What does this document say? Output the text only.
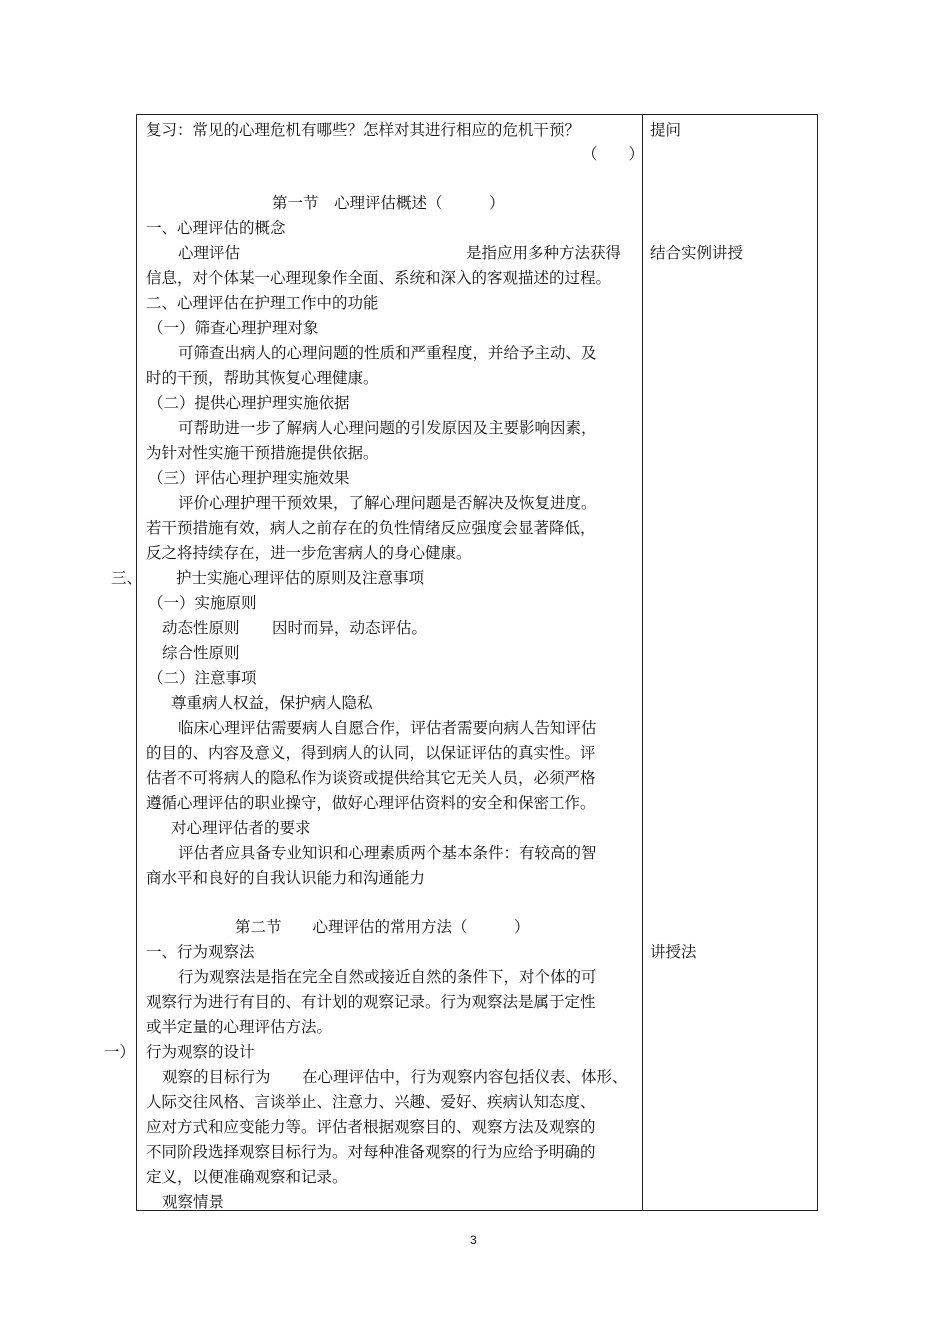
复习：常见的心理危机有哪些？怎样对其进行相应的危机干预？
（　　）
第一节　心理评估概述（　　　）
一、心理评估的概念
心理评估	是指应用多种方法获得
信息，对个体某一心理现象作全面、系统和深入的客观描述的过程。
二、心理评估在护理工作中的功能
（一）筛查心理护理对象
可筛查出病人的心理问题的性质和严重程度，并给予主动、及
时的干预，帮助其恢复心理健康。
（二）提供心理护理实施依据
可帮助进一步了解病人心理问题的引发原因及主要影响因素，
为针对性实施干预措施提供依据。
（三）评估心理护理实施效果
评价心理护理干预效果，了解心理问题是否解决及恢复进度。
若干预措施有效，病人之前存在的负性情绪反应强度会显著降低，
反之将持续存在，进一步危害病人的身心健康。
护士实施心理评估的原则及注意事项
（一）实施原则
动态性原则 因时而异，动态评估。
综合性原则
（二）注意事项
尊重病人权益，保护病人隐私
临床心理评估需要病人自愿合作，评估者需要向病人告知评估
的目的、内容及意义，得到病人的认同，以保证评估的真实性。评
估者不可将病人的隐私作为谈资或提供给其它无关人员，必须严格
遵循心理评估的职业操守，做好心理评估资料的安全和保密工作。
对心理评估者的要求
评估者应具备专业知识和心理素质两个基本条件：有较高的智
商水平和良好的自我认识能力和沟通能力
第二节　　心理评估的常用方法（　　　）
一、行为观察法
行为观察法是指在完全自然或接近自然的条件下，对个体的可
观察行为进行有目的、有计划的观察记录。行为观察法是属于定性
或半定量的心理评估方法。
行为观察的设计
观察的目标行为 在心理评估中，行为观察内容包括仪表、体形、
人际交往风格、言谈举止、注意力、兴趣、爱好、疾病认知态度、
应对方式和应变能力等。评估者根据观察目的、观察方法及观察的
不同阶段选择观察目标行为。对每种准备观察的行为应给予明确的
定义，以便准确观察和记录。
观察情景
提问
结合实例讲授
讲授法
三、
一）
3
